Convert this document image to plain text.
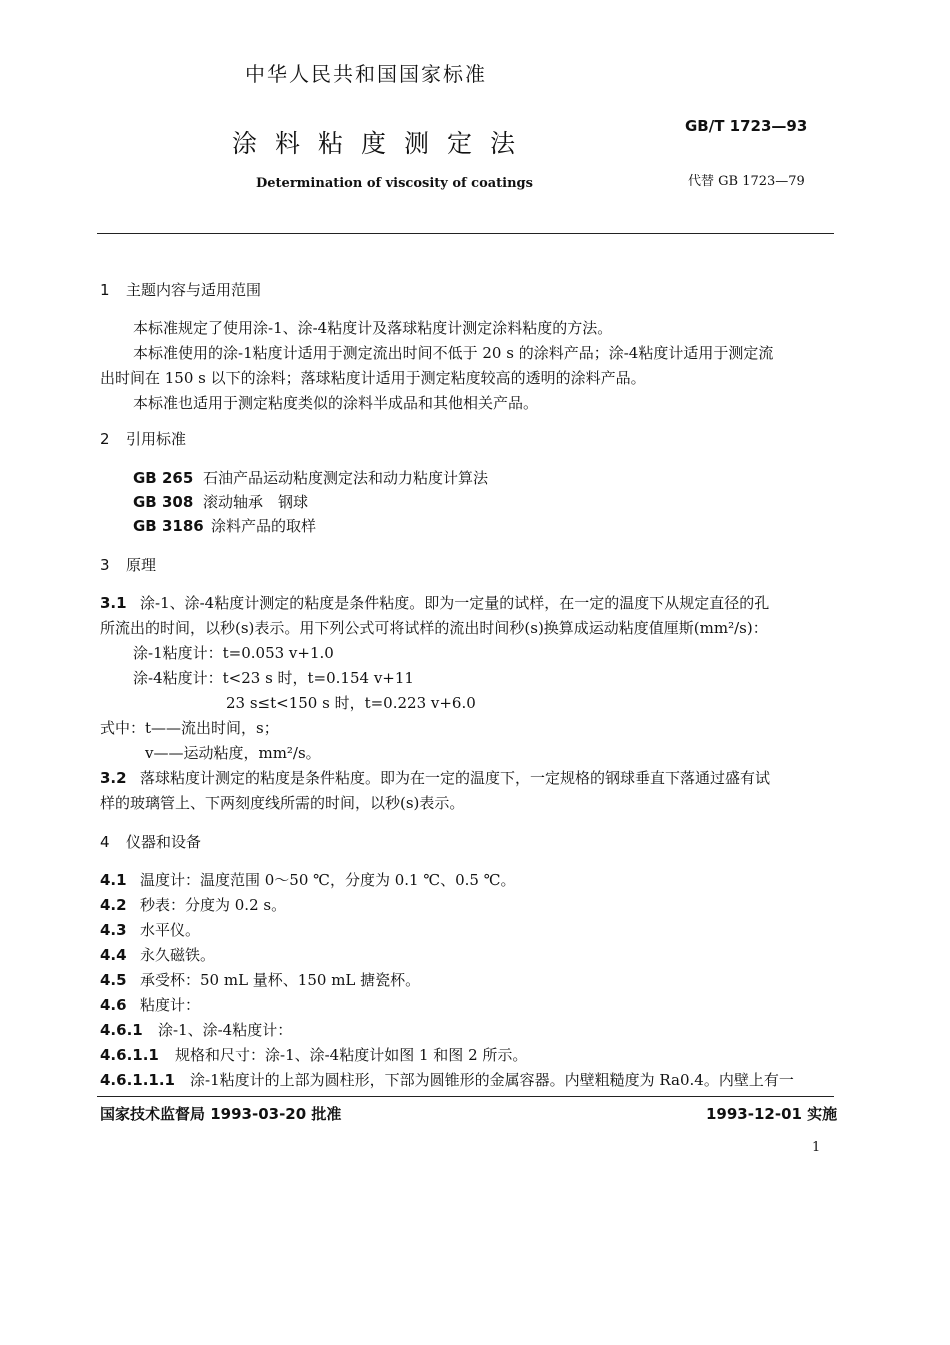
中华人民共和国国家标准
涂料粘度测定法
Determination of viscosity of coatings
GB/T 1723—93
代替 GB 1723—79
1 主题内容与适用范围
本标准规定了使用涂-1、涂-4粘度计及落球粘度计测定涂料粘度的方法。
本标准使用的涂-1粘度计适用于测定流出时间不低于 20 s 的涂料产品；涂-4粘度计适用于测定流
出时间在 150 s 以下的涂料；落球粘度计适用于测定粘度较高的透明的涂料产品。
本标准也适用于测定粘度类似的涂料半成品和其他相关产品。
2 引用标准
GB 265 石油产品运动粘度测定法和动力粘度计算法
GB 308 滚动轴承　钢球
GB 3186 涂料产品的取样
3 原理
3.1 涂-1、涂-4粘度计测定的粘度是条件粘度。即为一定量的试样，在一定的温度下从规定直径的孔
所流出的时间，以秒(s)表示。用下列公式可将试样的流出时间秒(s)换算成运动粘度值厘斯(mm²/s)：
涂-1粘度计：t=0.053 v+1.0
涂-4粘度计：t<23 s 时，t=0.154 v+11
23 s≤t<150 s 时，t=0.223 v+6.0
式中：t——流出时间，s；
v——运动粘度，mm²/s。
3.2 落球粘度计测定的粘度是条件粘度。即为在一定的温度下，一定规格的钢球垂直下落通过盛有试
样的玻璃管上、下两刻度线所需的时间，以秒(s)表示。
4 仪器和设备
4.1 温度计：温度范围 0～50 ℃，分度为 0.1 ℃、0.5 ℃。
4.2 秒表：分度为 0.2 s。
4.3 水平仪。
4.4 永久磁铁。
4.5 承受杯：50 mL 量杯、150 mL 搪瓷杯。
4.6 粘度计：
4.6.1 涂-1、涂-4粘度计：
4.6.1.1 规格和尺寸：涂-1、涂-4粘度计如图 1 和图 2 所示。
4.6.1.1.1 涂-1粘度计的上部为圆柱形，下部为圆锥形的金属容器。内壁粗糙度为 Ra0.4。内壁上有一
国家技术监督局 1993-03-20 批准	1993-12-01 实施
1
